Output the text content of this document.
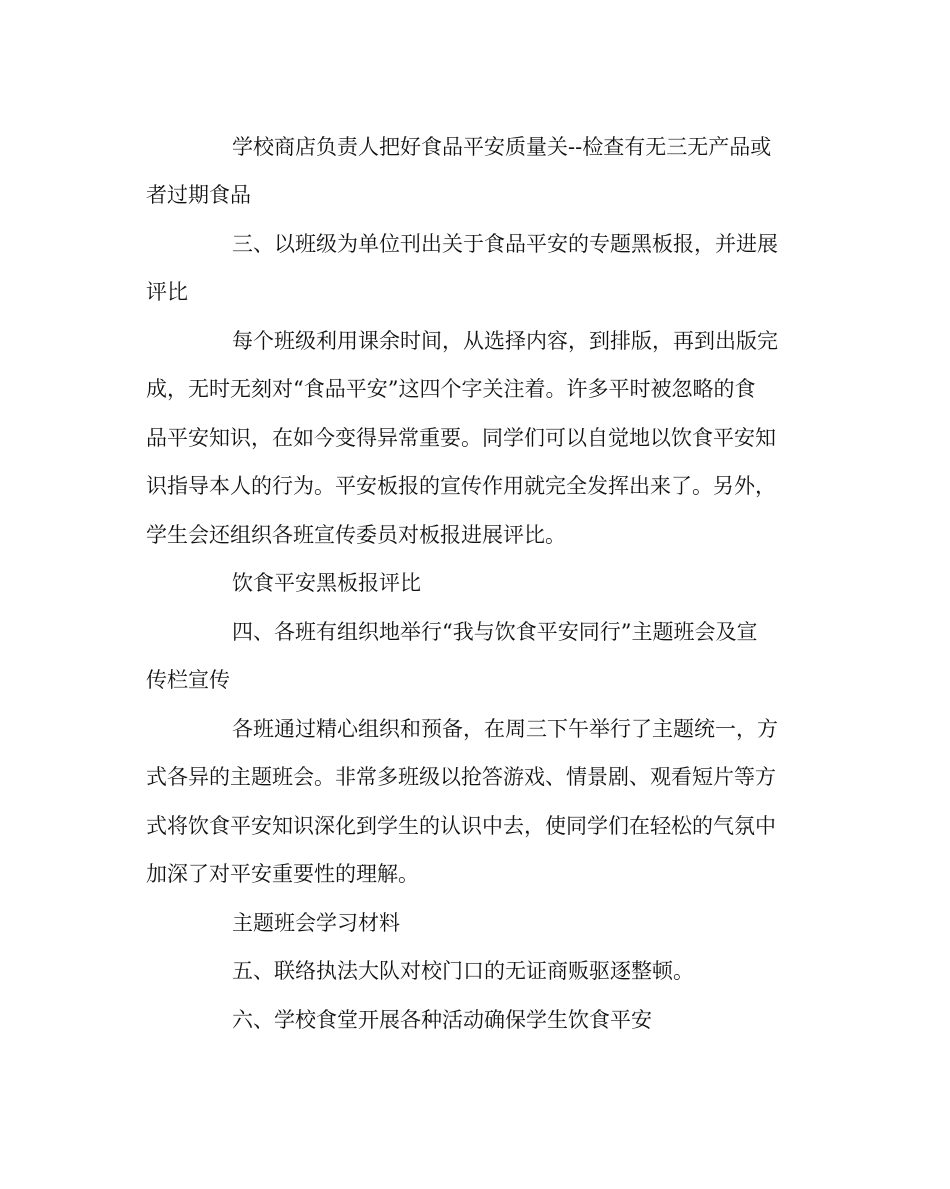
学校商店负责人把好食品平安质量关--检查有无三无产品或
者过期食品
三、以班级为单位刊出关于食品平安的专题黑板报，并进展
评比
每个班级利用课余时间，从选择内容，到排版，再到出版完
成，无时无刻对“食品平安”这四个字关注着。许多平时被忽略的食
品平安知识，在如今变得异常重要。同学们可以自觉地以饮食平安知
识指导本人的行为。平安板报的宣传作用就完全发挥出来了。另外，
学生会还组织各班宣传委员对板报进展评比。
饮食平安黑板报评比
四、各班有组织地举行“我与饮食平安同行”主题班会及宣
传栏宣传
各班通过精心组织和预备，在周三下午举行了主题统一，方
式各异的主题班会。非常多班级以抢答游戏、情景剧、观看短片等方
式将饮食平安知识深化到学生的认识中去，使同学们在轻松的气氛中
加深了对平安重要性的理解。
主题班会学习材料
五、联络执法大队对校门口的无证商贩驱逐整顿。
六、学校食堂开展各种活动确保学生饮食平安
